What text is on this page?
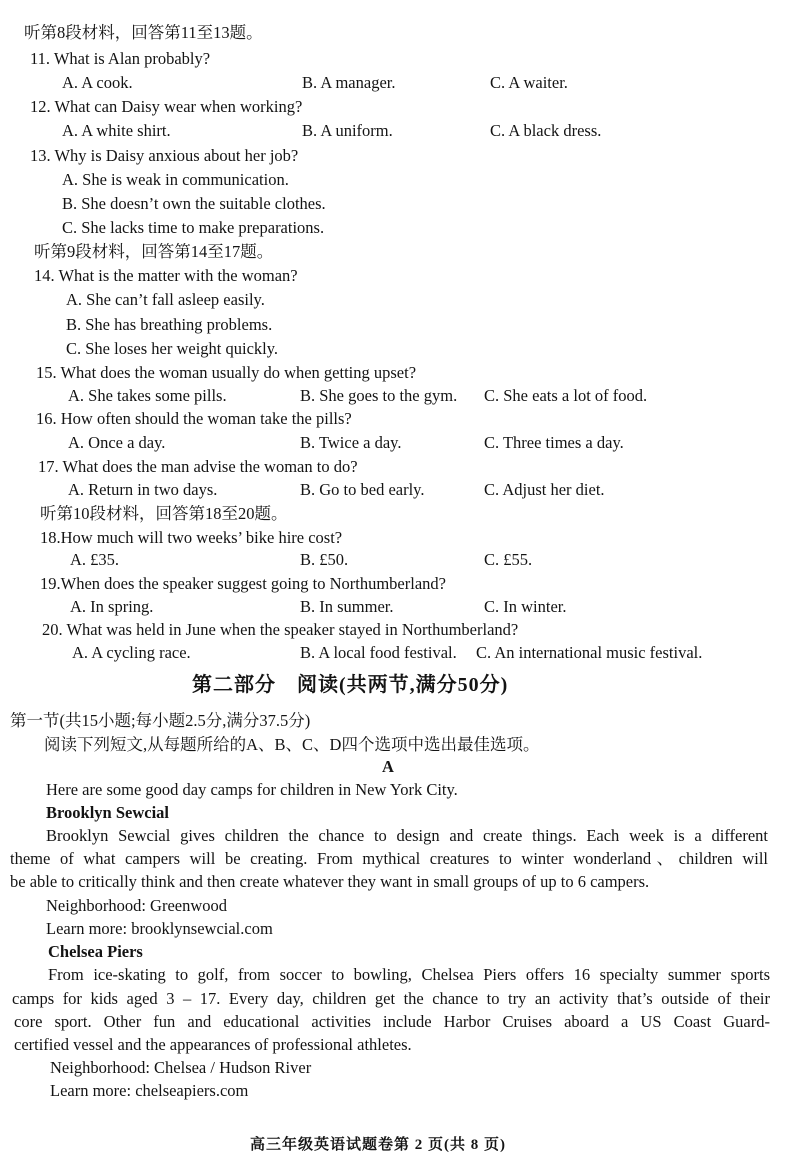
听第8段材料，回答第11至13题。
11. What is Alan probably?
A. A cook.	B. A manager.	C. A waiter.
12. What can Daisy wear when working?
A. A white shirt.	B. A uniform.	C. A black dress.
13. Why is Daisy anxious about her job?
A. She is weak in communication.
B. She doesn’t own the suitable clothes.
C. She lacks time to make preparations.
听第9段材料，回答第14至17题。
14. What is the matter with the woman?
A. She can’t fall asleep easily.
B. She has breathing problems.
C. She loses her weight quickly.
15. What does the woman usually do when getting upset?
A. She takes some pills.	B. She goes to the gym. C. She eats a lot of food.
16. How often should the woman take the pills?
A. Once a day.	B. Twice a day.	C. Three times a day.
17. What does the man advise the woman to do?
A. Return in two days.	B. Go to bed early.	C. Adjust her diet.
听第10段材料，回答第18至20题。
18.How much will two weeks’ bike hire cost?
A. £35.	B. £50.	C. £55.
19.When does the speaker suggest going to Northumberland?
A. In spring.	B. In summer.	C. In winter.
20. What was held in June when the speaker stayed in Northumberland?
A. A cycling race.	B. A local food festival. C. An international music festival.
第二部分　阅读(共两节,满分50分)
第一节(共15小题;每小题2.5分,满分37.5分)
阅读下列短文,从每题所给的A、B、C、D四个选项中选出最佳选项。
A
Here are some good day camps for children in New York City.
Brooklyn Sewcial
Brooklyn Sewcial gives children the chance to design and create things. Each week is a different
theme of what campers will be creating. From mythical creatures to winter wonderland、children will
be able to critically think and then create whatever they want in small groups of up to 6 campers.
Neighborhood: Greenwood
Learn more: brooklynsewcial.com
Chelsea Piers
From ice-skating to golf, from soccer to bowling, Chelsea Piers offers 16 specialty summer sports
camps for kids aged 3 – 17. Every day, children get the chance to try an activity that’s outside of their
core sport. Other fun and educational activities include Harbor Cruises aboard a US Coast Guard-
certified vessel and the appearances of professional athletes.
Neighborhood: Chelsea / Hudson River
Learn more: chelseapiers.com
高三年级英语试题卷第 2 页(共 8 页)
